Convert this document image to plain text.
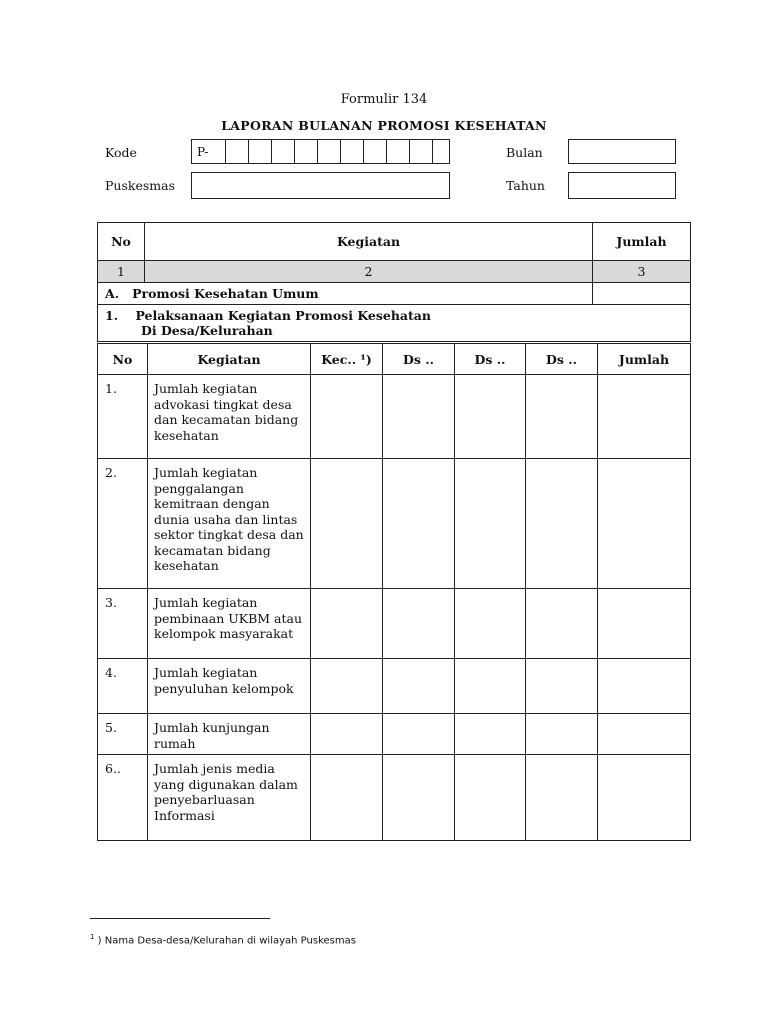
Formulir 134
LAPORAN BULANAN PROMOSI KESEHATAN
Kode	P-	Bulan
Puskesmas	Tahun
No	Kegiatan	Jumlah
1	2	3
A.   Promosi Kesehatan Umum		

1.    Pelaksanaan Kegiatan Promosi Kesehatan
Di Desa/Kelurahan		
No	Kegiatan	Kec.. ¹)	Ds ..	Ds ..	Ds ..	Jumlah
1.	Jumlah kegiatan advokasi tingkat desa dan kecamatan bidang kesehatan					
2.	Jumlah kegiatan penggalangan kemitraan dengan dunia usaha dan lintas sektor tingkat desa dan kecamatan bidang kesehatan					
3.	Jumlah kegiatan pembinaan UKBM atau kelompok masyarakat					
4.	Jumlah kegiatan penyuluhan kelompok					
5.	Jumlah kunjungan rumah					
6..	Jumlah jenis media yang digunakan dalam penyebarluasan Informasi					
$^1$ ) Nama Desa-desa/Kelurahan di wilayah Puskesmas
